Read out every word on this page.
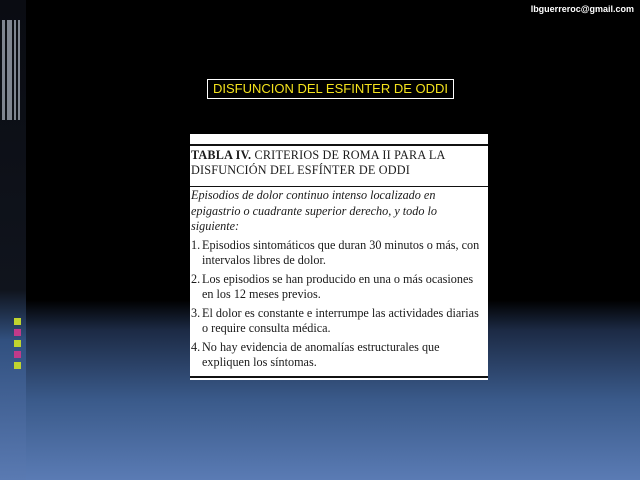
lbguerreroc@gmail.com
DISFUNCION DEL ESFINTER DE ODDI
TABLA IV. CRITERIOS DE ROMA II PARA LA DISFUNCIÓN DEL ESFÍNTER DE ODDI
Episodios de dolor continuo intenso localizado en epigastrio o cuadrante superior derecho, y todo lo siguiente:
1. Episodios sintomáticos que duran 30 minutos o más, con intervalos libres de dolor.
2. Los episodios se han producido en una o más ocasiones en los 12 meses previos.
3. El dolor es constante e interrumpe las actividades diarias o require consulta médica.
4. No hay evidencia de anomalías estructurales que expliquen los síntomas.
